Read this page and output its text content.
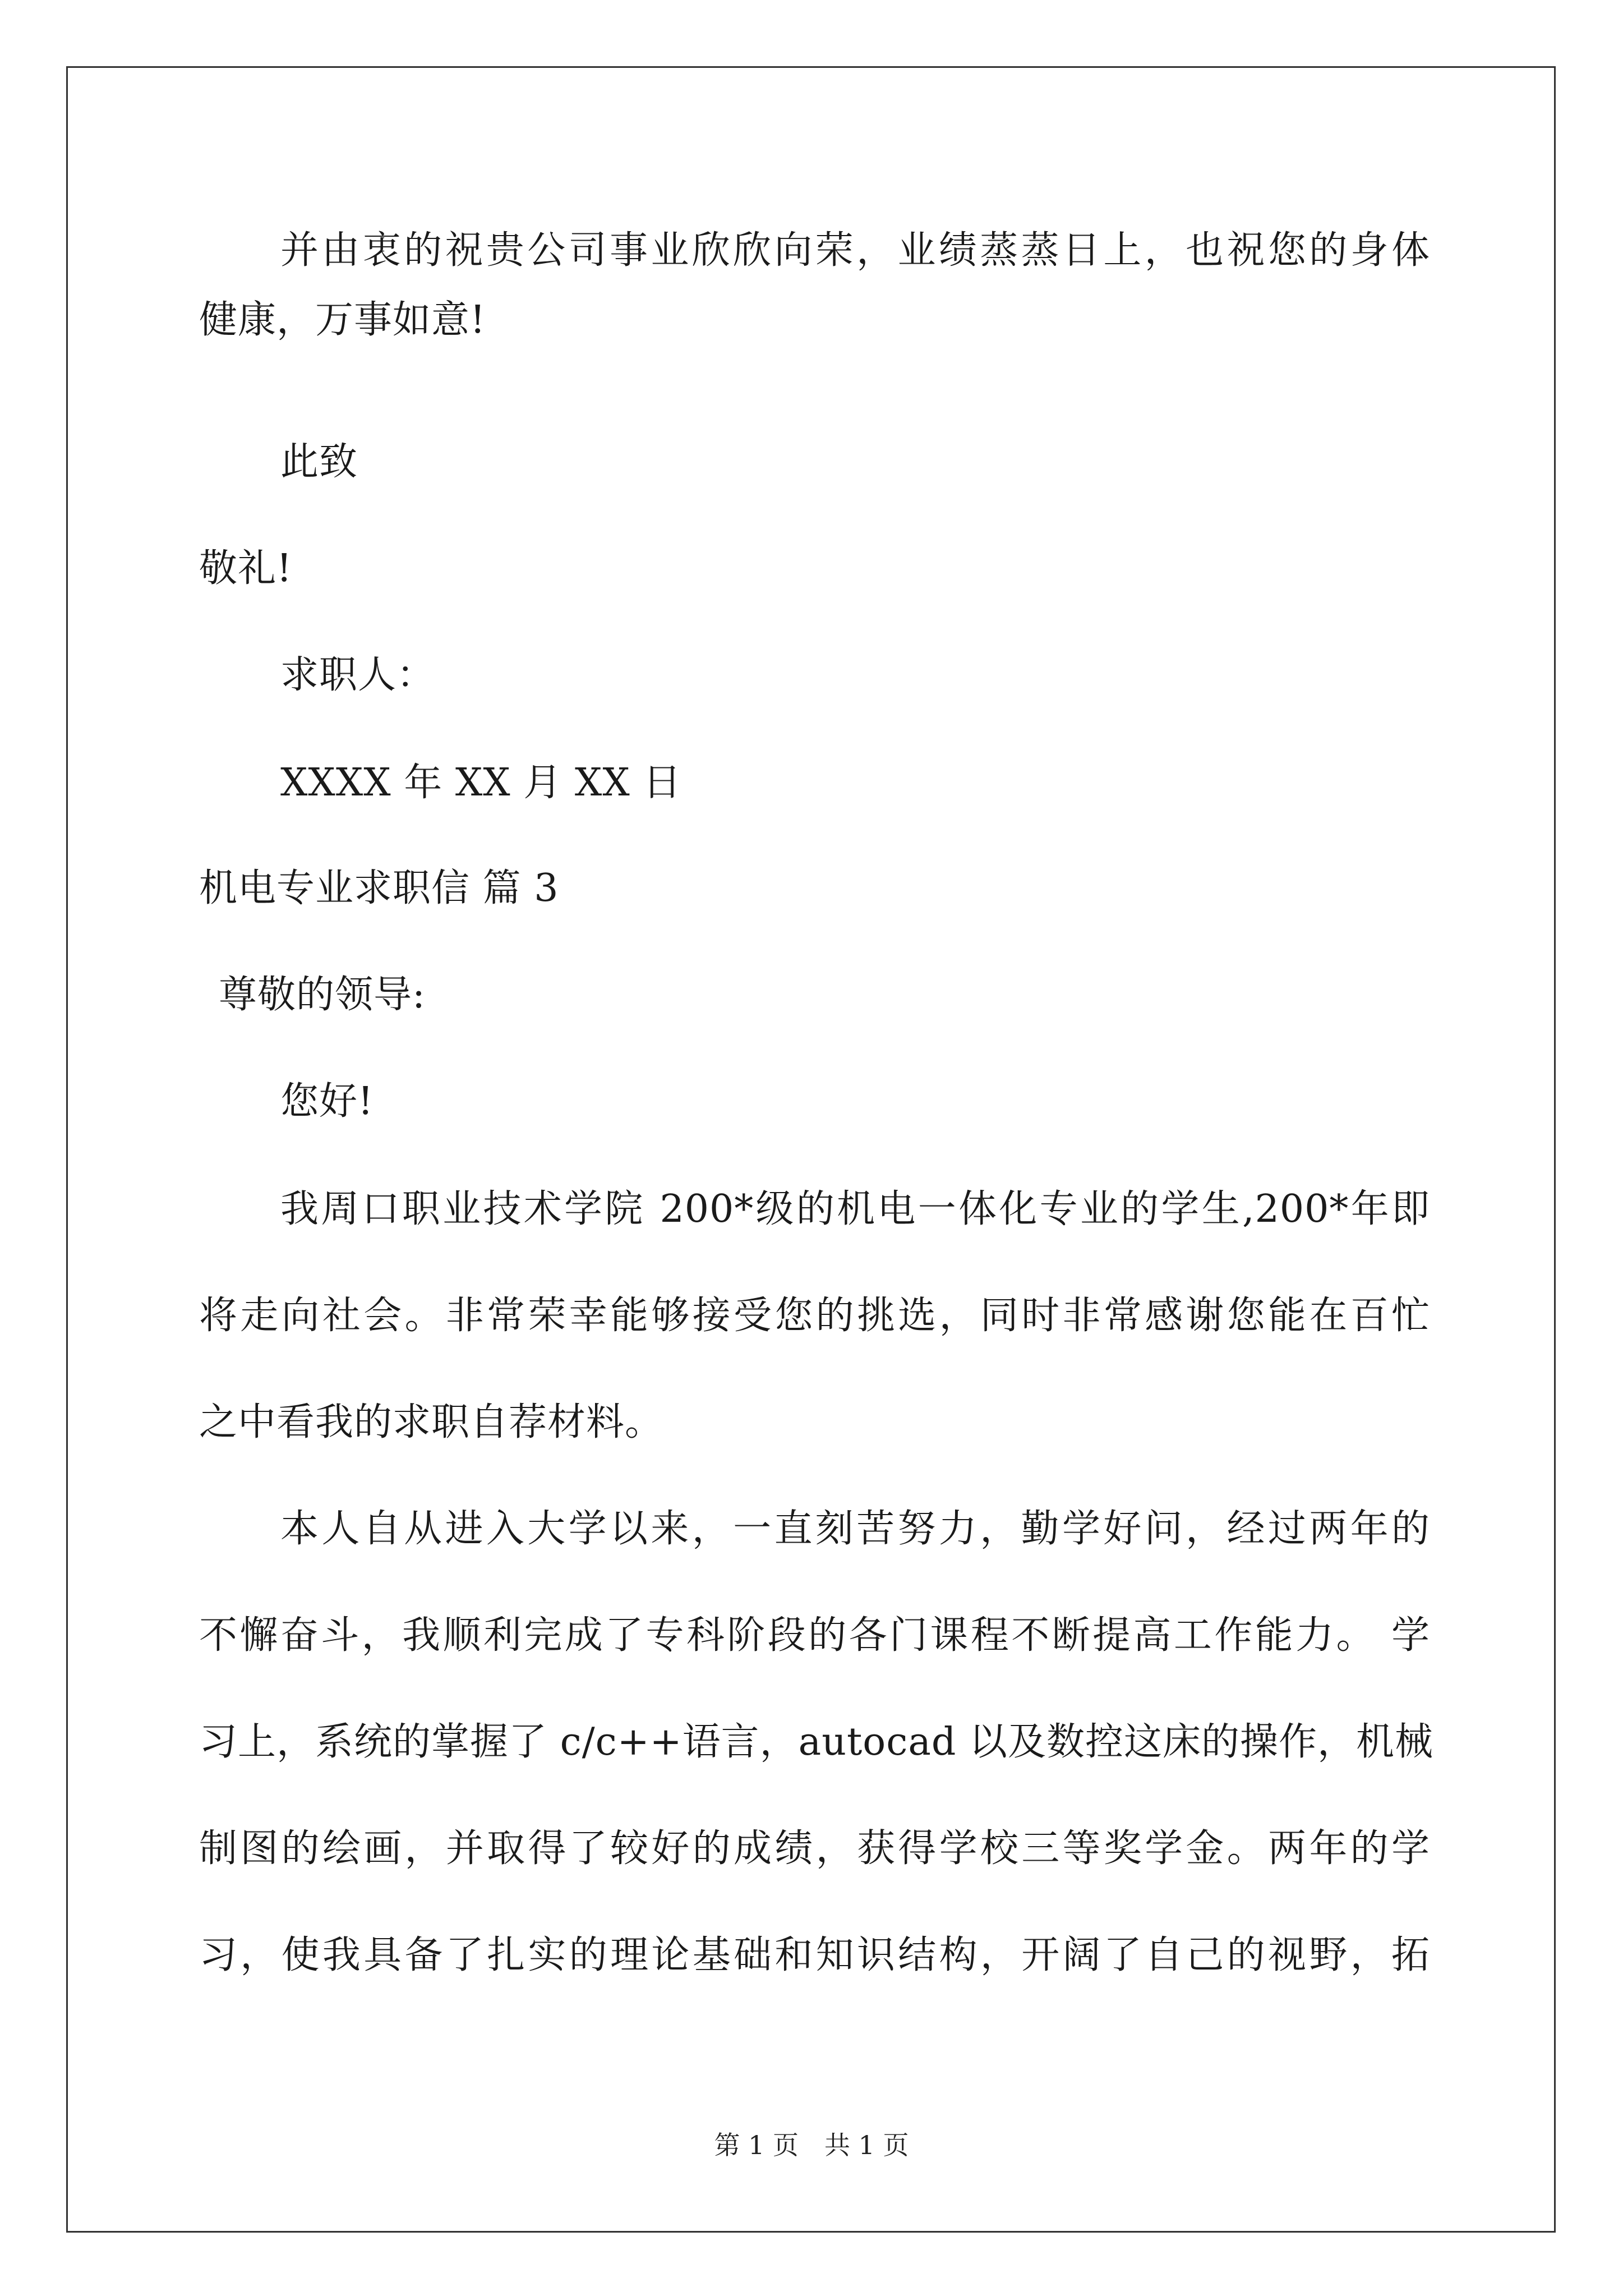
并由衷的祝贵公司事业欣欣向荣，业绩蒸蒸日上，也祝您的身体
健康，万事如意!
此致
敬礼!
求职人：
XXXX 年 XX 月 XX 日
机电专业求职信 篇 3
尊敬的领导:
您好!
我周口职业技术学院 200*级的机电一体化专业的学生,200*年即
将走向社会。非常荣幸能够接受您的挑选，同时非常感谢您能在百忙
之中看我的求职自荐材料。
本人自从进入大学以来，一直刻苦努力，勤学好问，经过两年的
不懈奋斗，我顺利完成了专科阶段的各门课程不断提高工作能力。 学
习上，系统的掌握了 c/c++语言，autocad 以及数控这床的操作，机械
制图的绘画，并取得了较好的成绩，获得学校三等奖学金。两年的学
习，使我具备了扎实的理论基础和知识结构，开阔了自己的视野，拓
第 1 页　共 1 页
